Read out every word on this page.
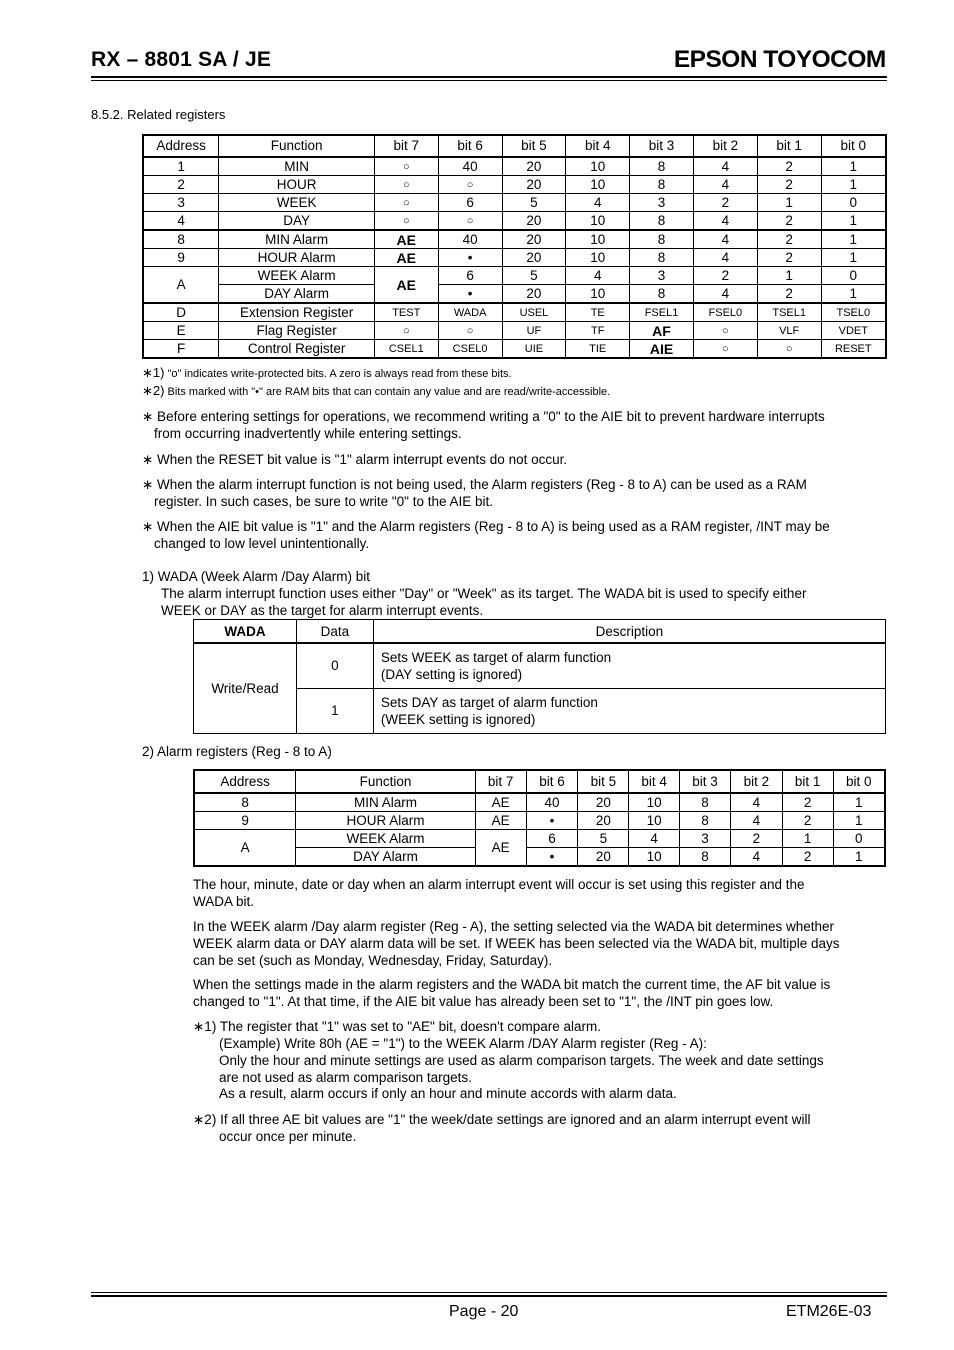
RX – 8801 SA / JE	EPSON TOYOCOM
8.5.2. Related registers
Address	Function	bit 7	bit 6	bit 5	bit 4	bit 3	bit 2	bit 1	bit 0
1	MIN	○	40	20	10	8	4	2	1
2	HOUR	○	○	20	10	8	4	2	1
3	WEEK	○	6	5	4	3	2	1	0
4	DAY	○	○	20	10	8	4	2	1
8	MIN Alarm	AE	40	20	10	8	4	2	1
9	HOUR Alarm	AE	•	20	10	8	4	2	1
A	WEEK Alarm	AE	6	5	4	3	2	1	0
	DAY Alarm		•	20	10	8	4	2	1
D	Extension Register	TEST	WADA	USEL	TE	FSEL1	FSEL0	TSEL1	TSEL0
E	Flag Register	○	○	UF	TF	AF	○	VLF	VDET
F	Control Register	CSEL1	CSEL0	UIE	TIE	AIE	○	○	RESET
∗1) "o" indicates write-protected bits. A zero is always read from these bits.
∗2) Bits marked with "•" are RAM bits that can contain any value and are read/write-accessible.
∗ Before entering settings for operations, we recommend writing a "0" to the AIE bit to prevent hardware interrupts
from occurring inadvertently while entering settings.
∗ When the RESET bit value is "1" alarm interrupt events do not occur.
∗ When the alarm interrupt function is not being used, the Alarm registers (Reg - 8 to A) can be used as a RAM
register. In such cases, be sure to write "0" to the AIE bit.
∗ When the AIE bit value is "1" and the Alarm registers (Reg - 8 to A) is being used as a RAM register, /INT may be
changed to low level unintentionally.
1) WADA (Week Alarm /Day Alarm) bit
The alarm interrupt function uses either "Day" or "Week" as its target. The WADA bit is used to specify either
WEEK or DAY as the target for alarm interrupt events.
WADA	Data	Description
Write/Read	0	Sets WEEK as target of alarm function
(DAY setting is ignored)

	1	Sets DAY as target of alarm function
(WEEK setting is ignored)
2) Alarm registers (Reg - 8 to A)
Address	Function	bit 7	bit 6	bit 5	bit 4	bit 3	bit 2	bit 1	bit 0
8	MIN Alarm	AE	40	20	10	8	4	2	1
9	HOUR Alarm	AE	•	20	10	8	4	2	1
A	WEEK Alarm	AE	6	5	4	3	2	1	0
	DAY Alarm		•	20	10	8	4	2	1
The hour, minute, date or day when an alarm interrupt event will occur is set using this register and the
WADA bit.
In the WEEK alarm /Day alarm register (Reg - A), the setting selected via the WADA bit determines whether
WEEK alarm data or DAY alarm data will be set. If WEEK has been selected via the WADA bit, multiple days
can be set (such as Monday, Wednesday, Friday, Saturday).
When the settings made in the alarm registers and the WADA bit match the current time, the AF bit value is
changed to "1". At that time, if the AIE bit value has already been set to "1", the /INT pin goes low.
∗1) The register that "1" was set to "AE" bit, doesn't compare alarm.
(Example) Write 80h (AE = "1") to the WEEK Alarm /DAY Alarm register (Reg - A):
Only the hour and minute settings are used as alarm comparison targets. The week and date settings
are not used as alarm comparison targets.
As a result, alarm occurs if only an hour and minute accords with alarm data.
∗2) If all three AE bit values are "1" the week/date settings are ignored and an alarm interrupt event will
occur once per minute.
Page - 20	ETM26E-03
